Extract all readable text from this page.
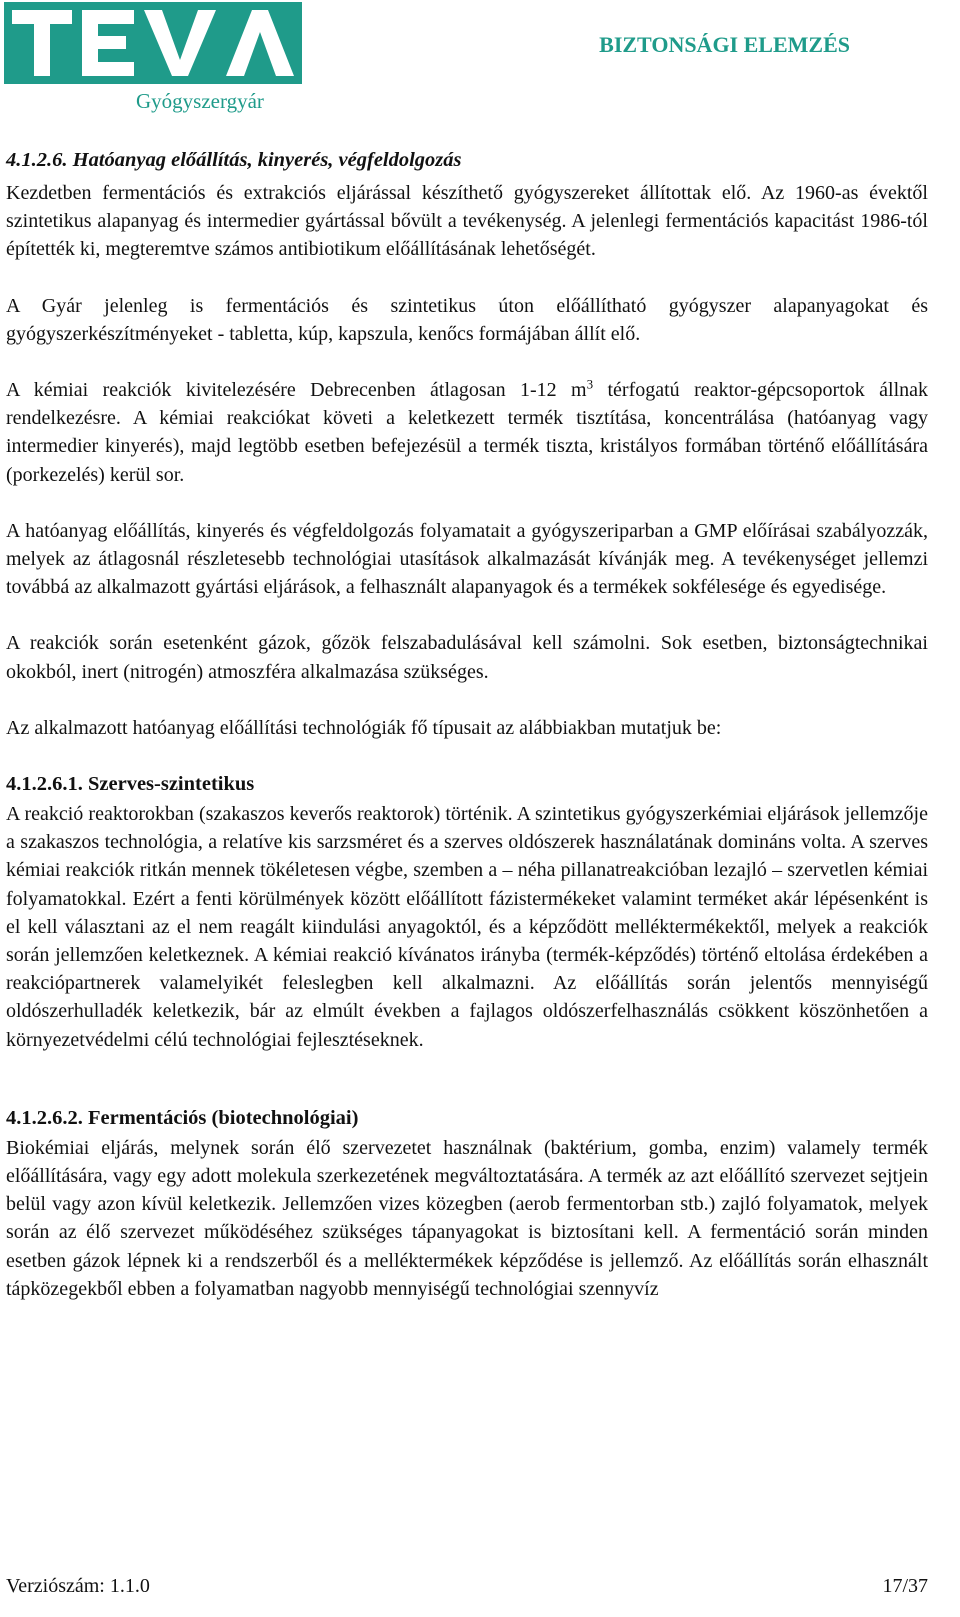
Gyógyszergyár
BIZTONSÁGI ELEMZÉS
4.1.2.6. Hatóanyag előállítás, kinyerés, végfeldolgozás

Kezdetben fermentációs és extrakciós eljárással készíthető gyógyszereket állítottak elő. Az 1960-as évektől szintetikus alapanyag és intermedier gyártással bővült a tevékenység. A jelenlegi fermentációs kapacitást 1986-tól építették ki, megteremtve számos antibiotikum előállításának lehetőségét.

A Gyár jelenleg is fermentációs és szintetikus úton előállítható gyógyszer alapanyagokat és gyógyszerkészítményeket - tabletta, kúp, kapszula, kenőcs formájában állít elő.

A kémiai reakciók kivitelezésére Debrecenben átlagosan 1-12 $m^3$ térfogatú reaktor-gépcsoportok állnak rendelkezésre. A kémiai reakciókat követi a keletkezett termék tisztítása, koncentrálása (hatóanyag vagy intermedier kinyerés), majd legtöbb esetben befejezésül a termék tiszta, kristályos formában történő előállítására (porkezelés) kerül sor.

A hatóanyag előállítás, kinyerés és végfeldolgozás folyamatait a gyógyszeriparban a GMP előírásai szabályozzák, melyek az átlagosnál részletesebb technológiai utasítások alkalmazását kívánják meg. A tevékenységet jellemzi továbbá az alkalmazott gyártási eljárások, a felhasznált alapanyagok és a termékek sokfélesége és egyedisége.

A reakciók során esetenként gázok, gőzök felszabadulásával kell számolni. Sok esetben, biztonságtechnikai okokból, inert (nitrogén) atmoszféra alkalmazása szükséges.

Az alkalmazott hatóanyag előállítási technológiák fő típusait az alábbiakban mutatjuk be:

4.1.2.6.1. Szerves-szintetikus

A reakció reaktorokban (szakaszos keverős reaktorok) történik. A szintetikus gyógyszerkémiai eljárások jellemzője a szakaszos technológia, a relatíve kis sarzsméret és a szerves oldószerek használatának domináns volta. A szerves kémiai reakciók ritkán mennek tökéletesen végbe, szemben a – néha pillanatreakcióban lezajló – szervetlen kémiai folyamatokkal. Ezért a fenti körülmények között előállított fázistermékeket valamint terméket akár lépésenként is el kell választani az el nem reagált kiindulási anyagoktól, és a képződött melléktermékektől, melyek a reakciók során jellemzően keletkeznek. A kémiai reakció kívánatos irányba (termék-képződés) történő eltolása érdekében a reakciópartnerek valamelyikét feleslegben kell alkalmazni. Az előállítás során jelentős mennyiségű oldószerhulladék keletkezik, bár az elmúlt években a fajlagos oldószerfelhasználás csökkent köszönhetően a környezetvédelmi célú technológiai fejlesztéseknek.

4.1.2.6.2. Fermentációs (biotechnológiai)

Biokémiai eljárás, melynek során élő szervezetet használnak (baktérium, gomba, enzim) valamely termék előállítására, vagy egy adott molekula szerkezetének megváltoztatására. A termék az azt előállító szervezet sejtjein belül vagy azon kívül keletkezik. Jellemzően vizes közegben (aerob fermentorban stb.) zajló folyamatok, melyek során az élő szervezet működéséhez szükséges tápanyagokat is biztosítani kell. A fermentáció során minden esetben gázok lépnek ki a rendszerből és a melléktermékek képződése is jellemző. Az előállítás során elhasznált tápközegekből ebben a folyamatban nagyobb mennyiségű technológiai szennyvíz

Verziószám: 1.1.0	17/37
